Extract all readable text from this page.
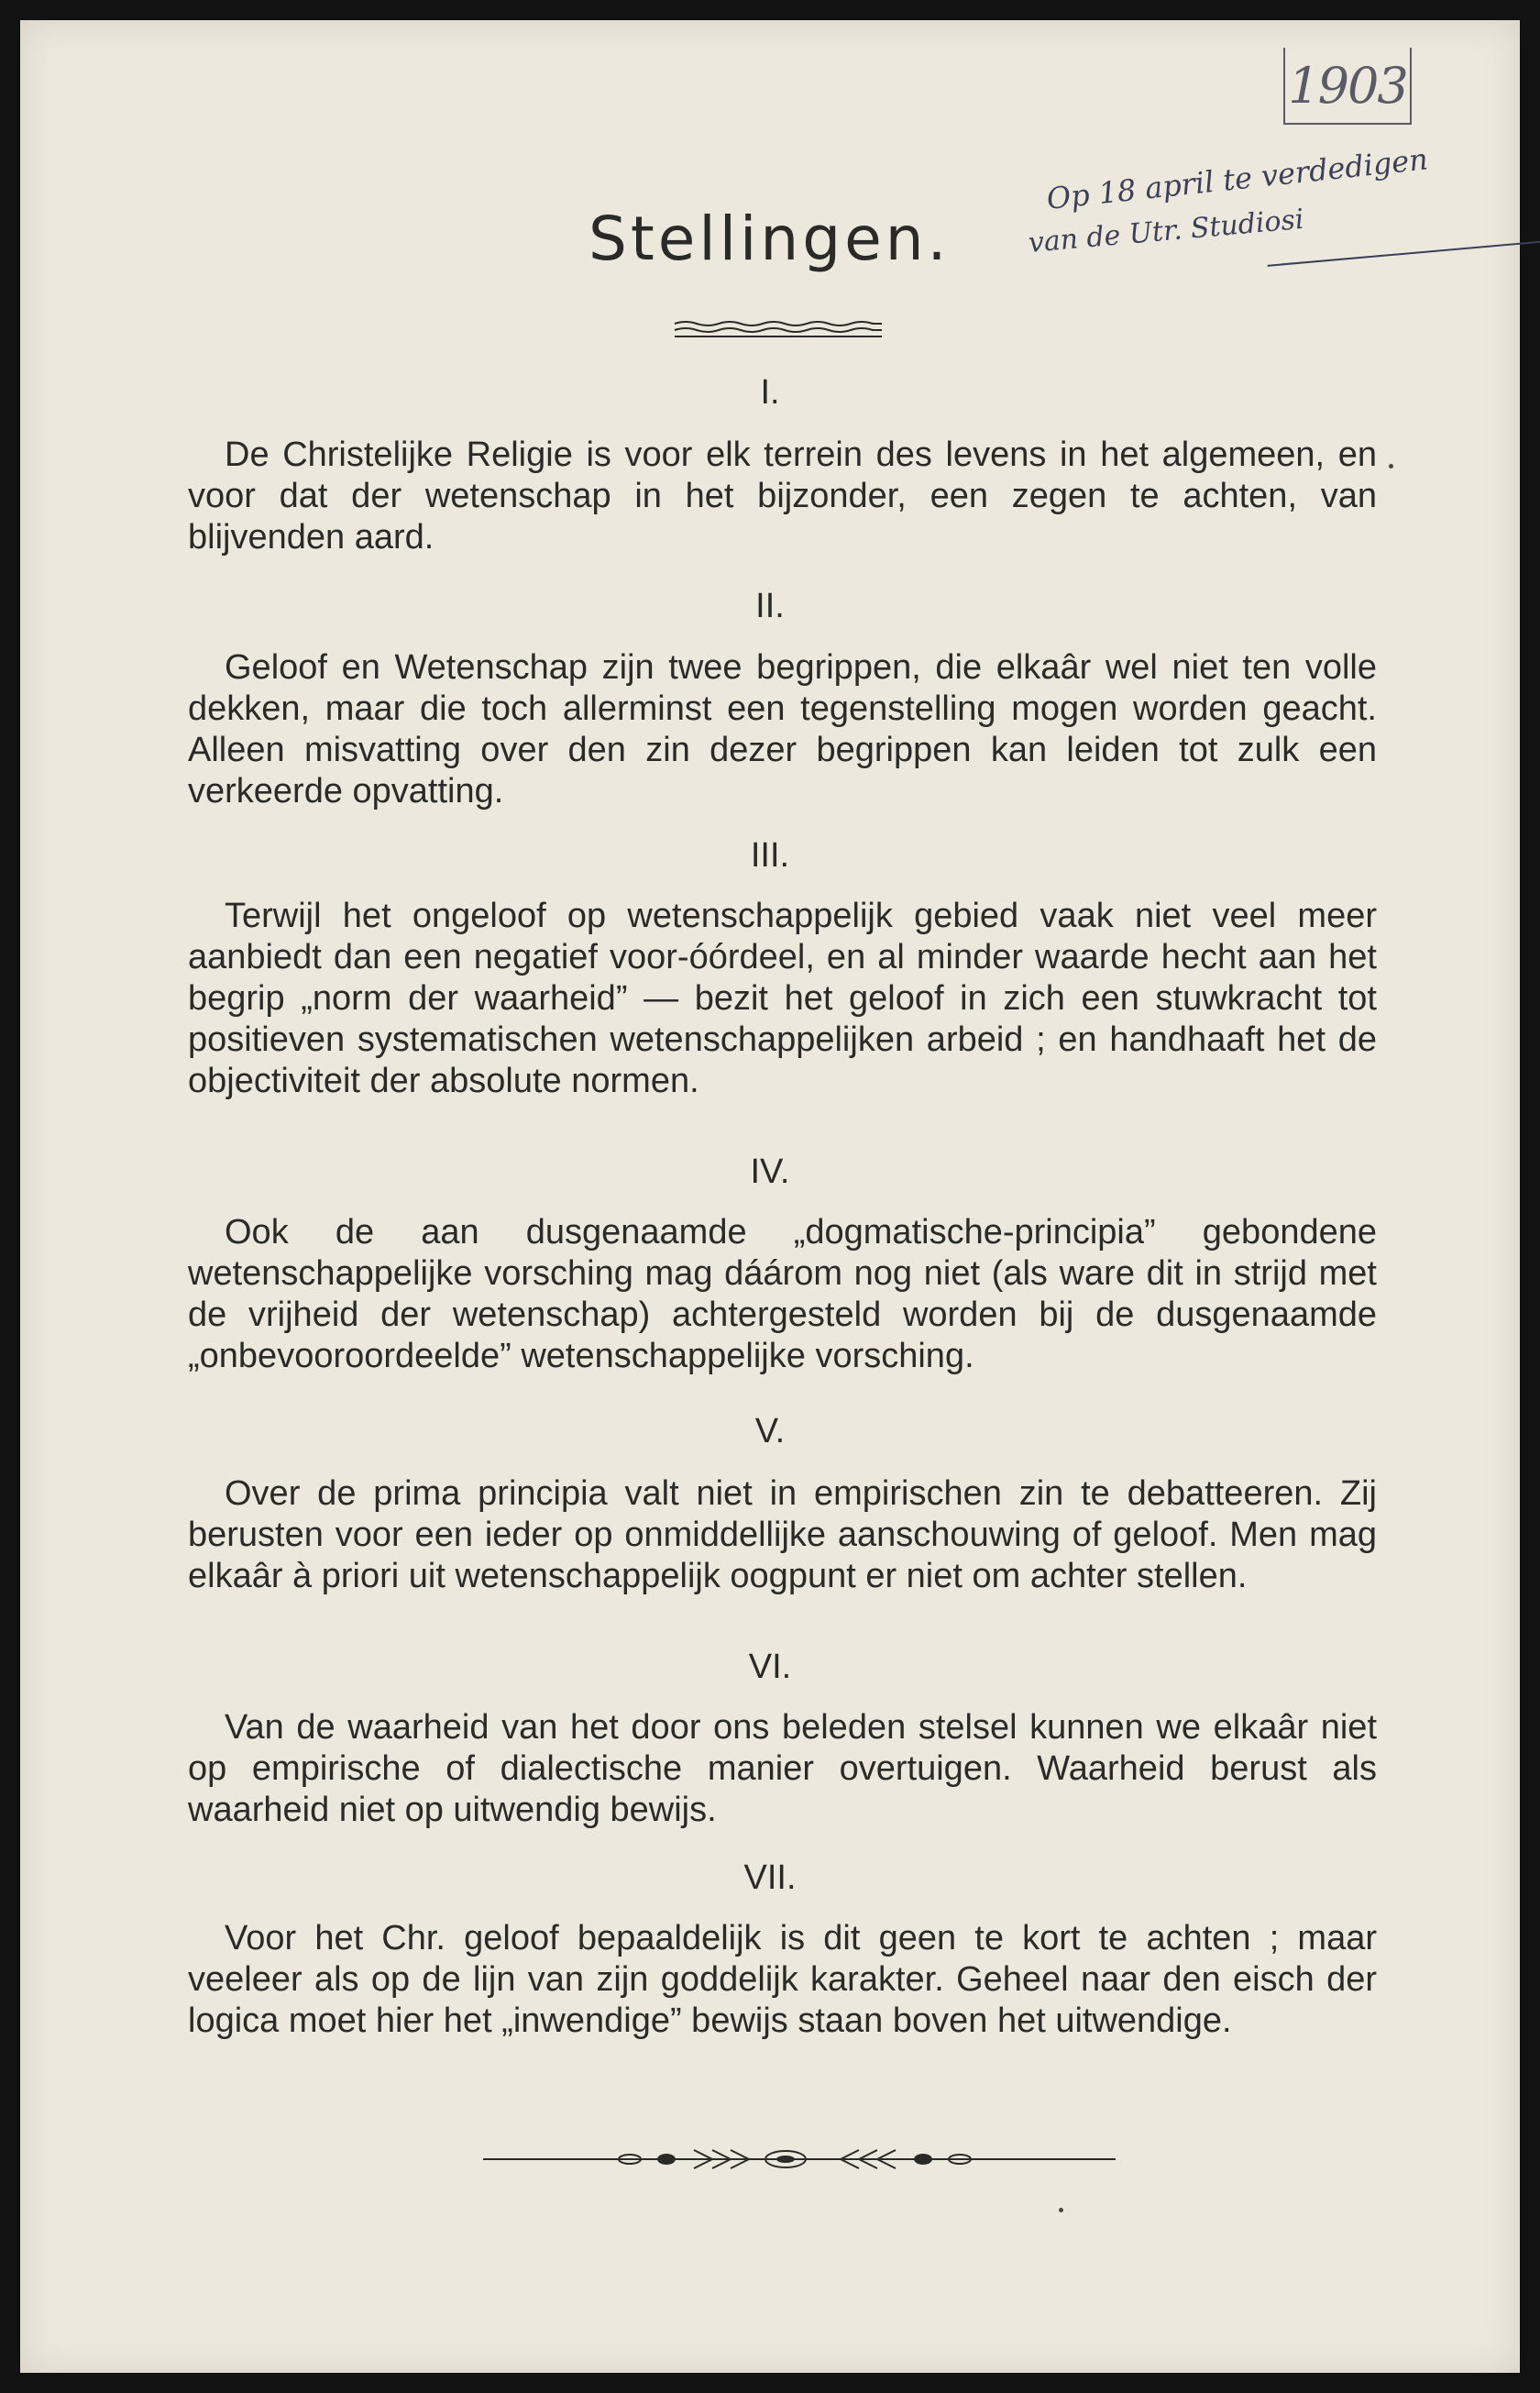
1903
Stellingen.
Op 18 april te verdedigen
van de Utr. Studiosi
I.
De Christelijke Religie is voor elk terrein des levens in het algemeen, en voor dat der wetenschap in het bijzonder, een zegen te achten, van blijvenden aard.
II.
Geloof en Wetenschap zijn twee begrippen, die elkaâr wel niet ten volle dekken, maar die toch allerminst een tegenstelling mogen worden geacht. Alleen misvatting over den zin dezer begrippen kan leiden tot zulk een verkeerde opvatting.
III.
Terwijl het ongeloof op wetenschappelijk gebied vaak niet veel meer aanbiedt dan een negatief voor-óórdeel, en al minder waarde hecht aan het begrip „norm der waarheid” — bezit het geloof in zich een stuwkracht tot positieven systematischen wetenschappelijken arbeid ; en handhaaft het de objectiviteit der absolute normen.
IV.
Ook de aan dusgenaamde „dogmatische-principia” gebondene wetenschappelijke vorsching mag dáárom nog niet (als ware dit in strijd met de vrijheid der wetenschap) achtergesteld worden bij de dusgenaamde „onbevooroordeelde” wetenschappelijke vorsching.
V.
Over de prima principia valt niet in empirischen zin te debatteeren. Zij berusten voor een ieder op onmiddellijke aanschouwing of geloof. Men mag elkaâr à priori uit wetenschappelijk oogpunt er niet om achter stellen.
VI.
Van de waarheid van het door ons beleden stelsel kunnen we elkaâr niet op empirische of dialectische manier overtuigen. Waarheid berust als waarheid niet op uitwendig bewijs.
VII.
Voor het Chr. geloof bepaaldelijk is dit geen te kort te achten ; maar veeleer als op de lijn van zijn goddelijk karakter. Geheel naar den eisch der logica moet hier het „inwendige” bewijs staan boven het uitwendige.
